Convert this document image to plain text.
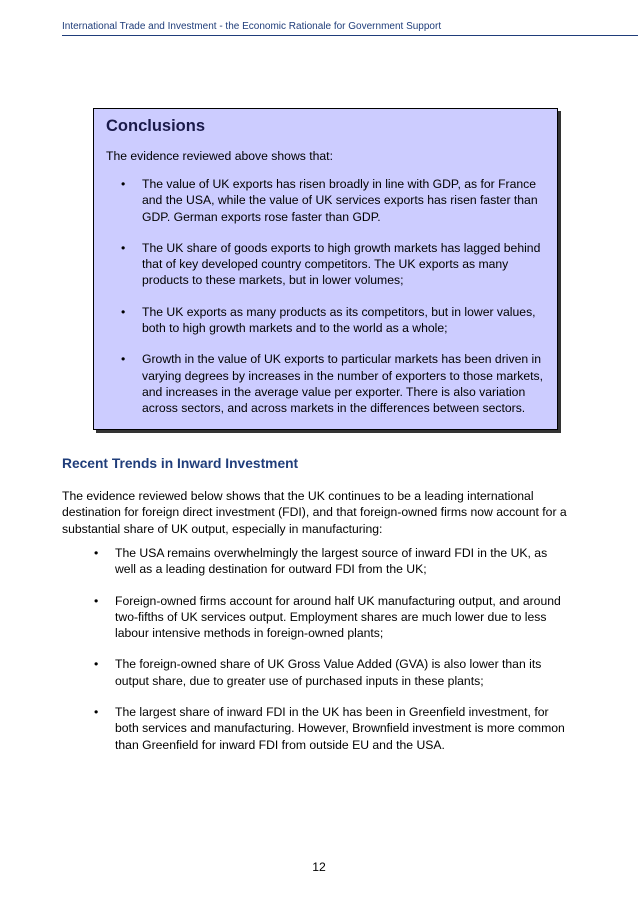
International Trade and Investment - the Economic Rationale for Government Support
Conclusions
The evidence reviewed above shows that:
• The value of UK exports has risen broadly in line with GDP, as for France and the USA, while the value of UK services exports has risen faster than GDP. German exports rose faster than GDP.
• The UK share of goods exports to high growth markets has lagged behind that of key developed country competitors. The UK exports as many products to these markets, but in lower volumes;
• The UK exports as many products as its competitors, but in lower values, both to high growth markets and to the world as a whole;
• Growth in the value of UK exports to particular markets has been driven in varying degrees by increases in the number of exporters to those markets, and increases in the average value per exporter. There is also variation across sectors, and across markets in the differences between sectors.
Recent Trends in Inward Investment

The evidence reviewed below shows that the UK continues to be a leading international destination for foreign direct investment (FDI), and that foreign-owned firms now account for a substantial share of UK output, especially in manufacturing:

• The USA remains overwhelmingly the largest source of inward FDI in the UK, as well as a leading destination for outward FDI from the UK;
• Foreign-owned firms account for around half UK manufacturing output, and around two-fifths of UK services output. Employment shares are much lower due to less labour intensive methods in foreign-owned plants;
• The foreign-owned share of UK Gross Value Added (GVA) is also lower than its output share, due to greater use of purchased inputs in these plants;
• The largest share of inward FDI in the UK has been in Greenfield investment, for both services and manufacturing. However, Brownfield investment is more common than Greenfield for inward FDI from outside EU and the USA.
12
